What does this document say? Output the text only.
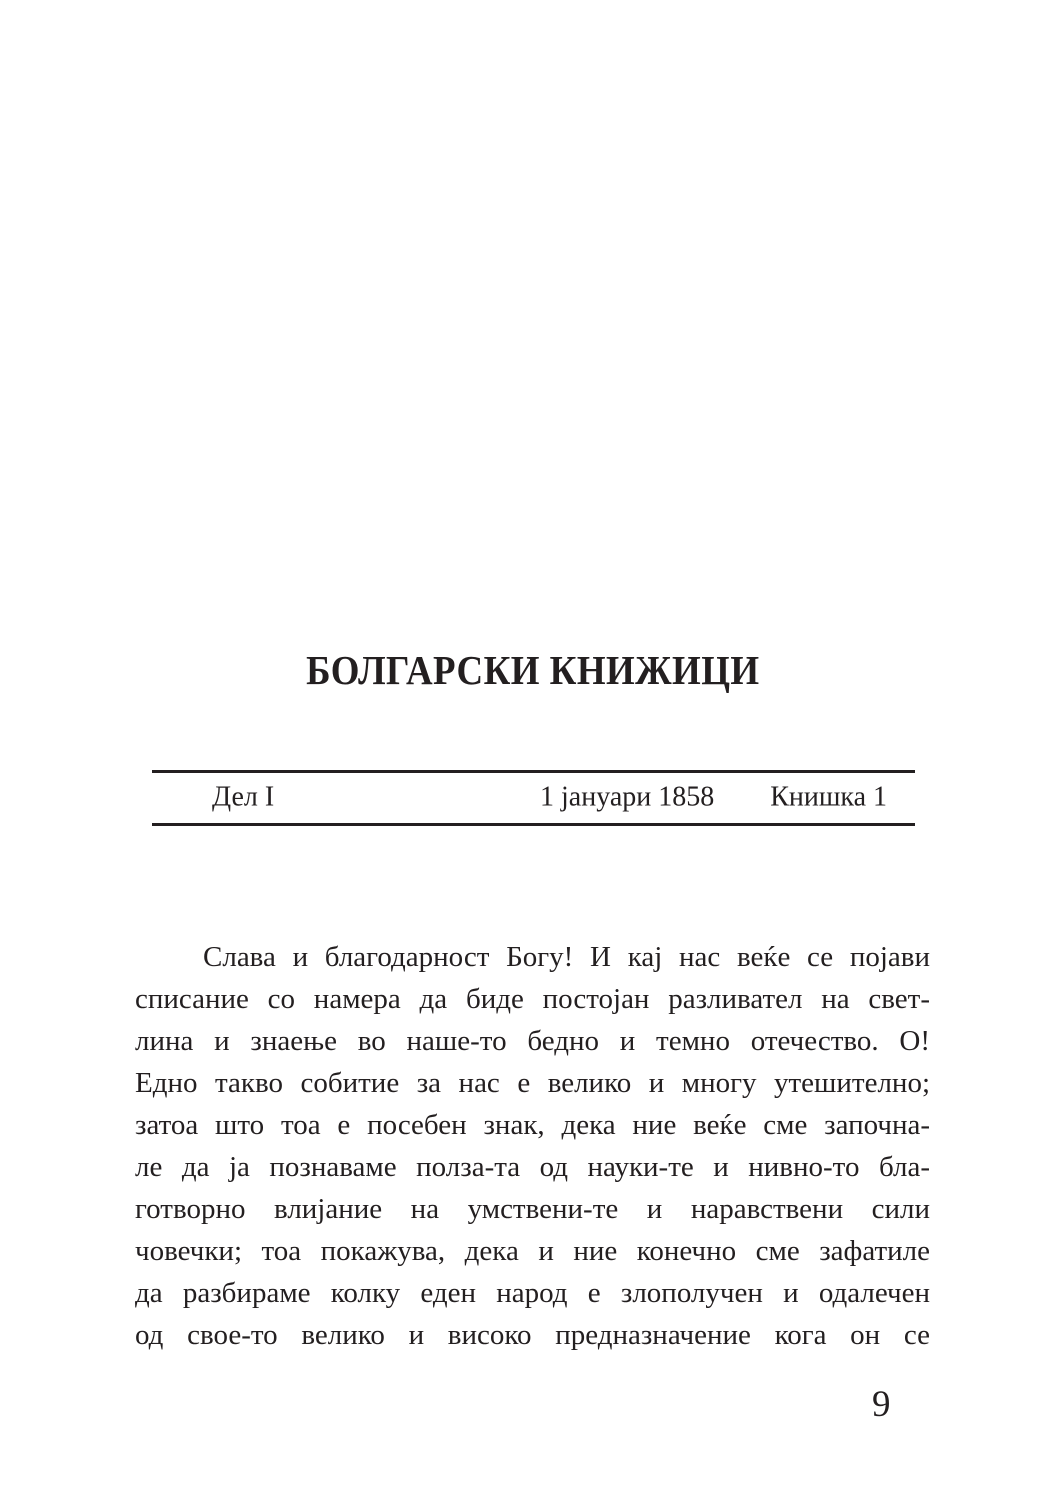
БОЛГАРСКИ КНИЖИЦИ
Дел I	1 јануари 1858 Книшка 1
Слава и благодарност Богу! И кај нас веќе се појави
списание со намера да биде постојан разливател на свет-
лина и знаење во наше-то бедно и темно отечество. О!
Едно такво собитие за нас е велико и многу утешително;
затоа што тоа е посебен знак, дека ние веќе сме започна-
ле да ја познаваме полза-та од науки-те и нивно-то бла-
готворно влијание на умствени-те и наравствени сили
човечки; тоа покажува, дека и ние конечно сме зафатиле
да разбираме колку еден народ е злополучен и одалечен
од свое-то велико и високо предназначение кога он се
9
